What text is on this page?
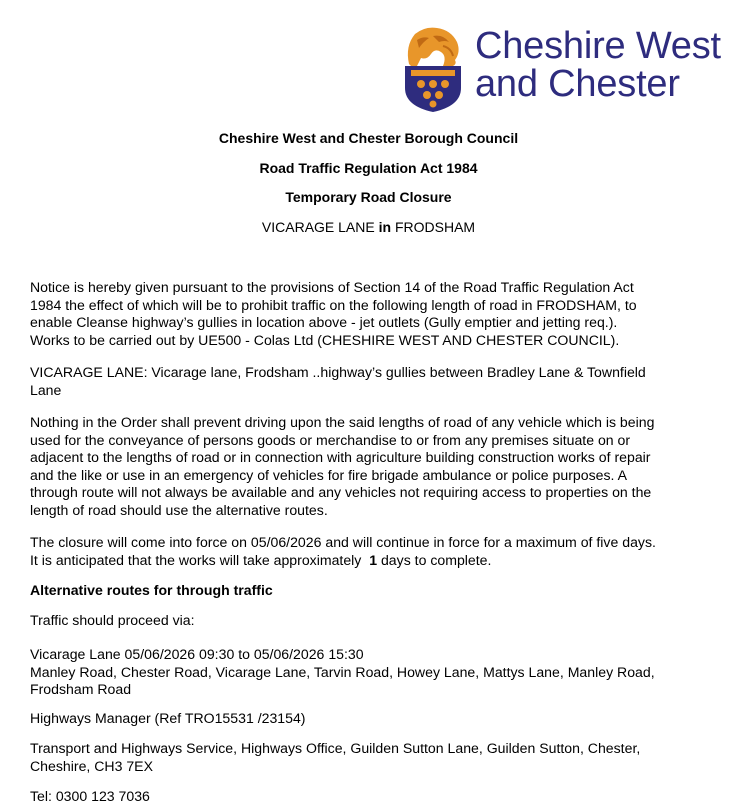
Cheshire West
and Chester
Cheshire West and Chester Borough Council
Road Traffic Regulation Act 1984
Temporary Road Closure
VICARAGE LANE in FRODSHAM

Notice is hereby given pursuant to the provisions of Section 14 of the Road Traffic Regulation Act

1984 the effect of which will be to prohibit traffic on the following length of road in FRODSHAM, to

enable Cleanse highway’s gullies in location above - jet outlets (Gully emptier and jetting req.).

Works to be carried out by UE500 - Colas Ltd (CHESHIRE WEST AND CHESTER COUNCIL).

VICARAGE LANE: Vicarage lane, Frodsham ..highway’s gullies between Bradley Lane & Townfield

Lane

Nothing in the Order shall prevent driving upon the said lengths of road of any vehicle which is being

used for the conveyance of persons goods or merchandise to or from any premises situate on or

adjacent to the lengths of road or in connection with agriculture building construction works of repair

and the like or use in an emergency of vehicles for fire brigade ambulance or police purposes. A

through route will not always be available and any vehicles not requiring access to properties on the

length of road should use the alternative routes.

The closure will come into force on 05/06/2026 and will continue in force for a maximum of five days.

It is anticipated that the works will take approximately 1 days to complete.

Alternative routes for through traffic
Traffic should proceed via:

Vicarage Lane 05/06/2026 09:30 to 05/06/2026 15:30

Manley Road, Chester Road, Vicarage Lane, Tarvin Road, Howey Lane, Mattys Lane, Manley Road,

Frodsham Road

Highways Manager (Ref TRO15531 /23154)

Transport and Highways Service, Highways Office, Guilden Sutton Lane, Guilden Sutton, Chester,

Cheshire, CH3 7EX

Tel: 0300 123 7036
